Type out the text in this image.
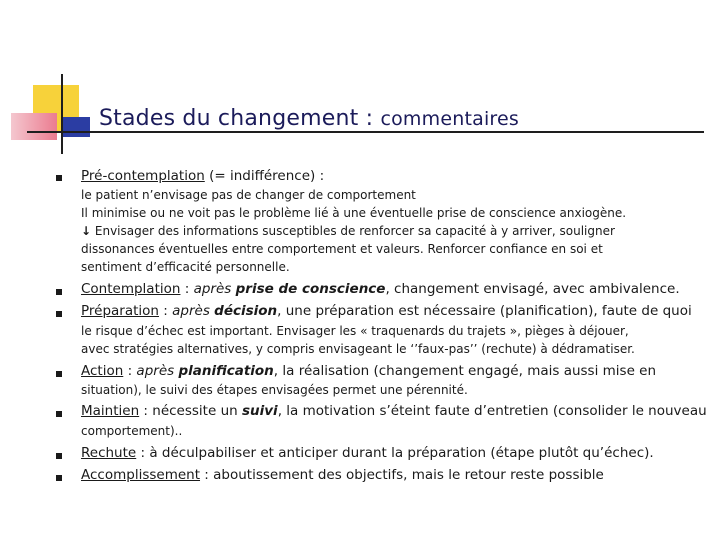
Stades du changement : commentaires
Pré-contemplation (= indifférence) :
le patient n’envisage pas de changer de comportement
Il minimise ou ne voit pas le problème lié à une éventuelle prise de conscience anxiogène.
↓ Envisager des informations susceptibles de renforcer sa capacité à y arriver, souligner
dissonances éventuelles entre comportement et valeurs. Renforcer confiance en soi et
sentiment d’efficacité personnelle.
Contemplation : après prise de conscience, changement envisagé, avec ambivalence.
Préparation : après décision, une préparation est nécessaire (planification), faute de quoi
le risque d’échec est important. Envisager les « traquenards du trajets », pièges à déjouer,
avec stratégies alternatives, y compris envisageant le ‘’faux-pas’’ (rechute) à dédramatiser.
Action : après planification, la réalisation (changement engagé, mais aussi mise en
situation), le suivi des étapes envisagées permet une pérennité.
Maintien : nécessite un suivi, la motivation s’éteint faute d’entretien (consolider le nouveau
comportement)..
Rechute : à déculpabiliser et anticiper durant la préparation (étape plutôt qu’échec).
Accomplissement : aboutissement des objectifs, mais le retour reste possible
